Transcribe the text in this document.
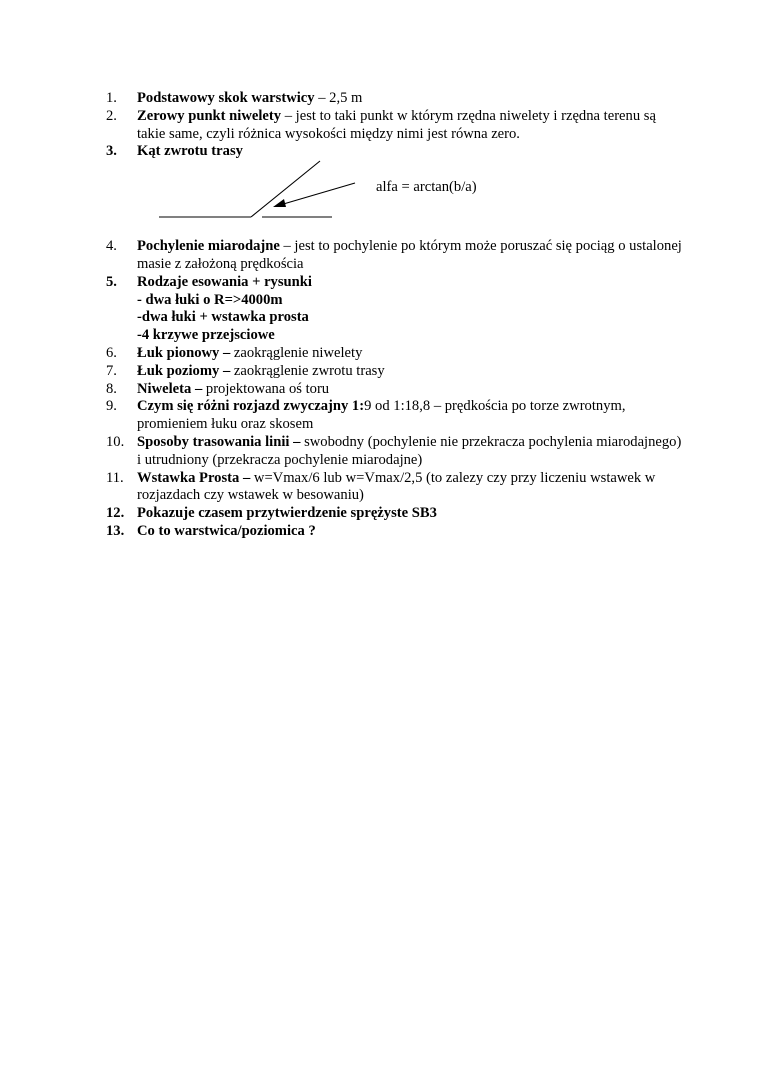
alfa = arctan(b/a)
1.	Podstawowy skok warstwicy – 2,5 m
2.	Zerowy punkt niwelety – jest to taki punkt w którym rzędna niwelety i rzędna terenu są takie same, czyli różnica wysokości między nimi jest równa zero.
3.	Kąt zwrotu trasy
4.	Pochylenie miarodajne – jest to pochylenie po którym może poruszać się pociąg o ustalonej masie z założoną prędkościa
5.	Rodzaje esowania + rysunki
- dwa łuki o R=>4000m
-dwa łuki + wstawka prosta
-4 krzywe przejsciowe
6.	Łuk pionowy – zaokrąglenie niwelety
7.	Łuk poziomy – zaokrąglenie zwrotu trasy
8.	Niweleta – projektowana oś toru
9.	Czym się różni rozjazd zwyczajny 1:9 od 1:18,8 – prędkościa po torze zwrotnym, promieniem łuku oraz skosem
10. Sposoby trasowania linii – swobodny (pochylenie nie przekracza pochylenia miarodajnego) i utrudniony (przekracza pochylenie miarodajne)
11. Wstawka Prosta – w=Vmax/6 lub w=Vmax/2,5 (to zalezy czy przy liczeniu wstawek w rozjazdach czy wstawek w besowaniu)
12. Pokazuje czasem przytwierdzenie sprężyste SB3
13. Co to warstwica/poziomica ?
